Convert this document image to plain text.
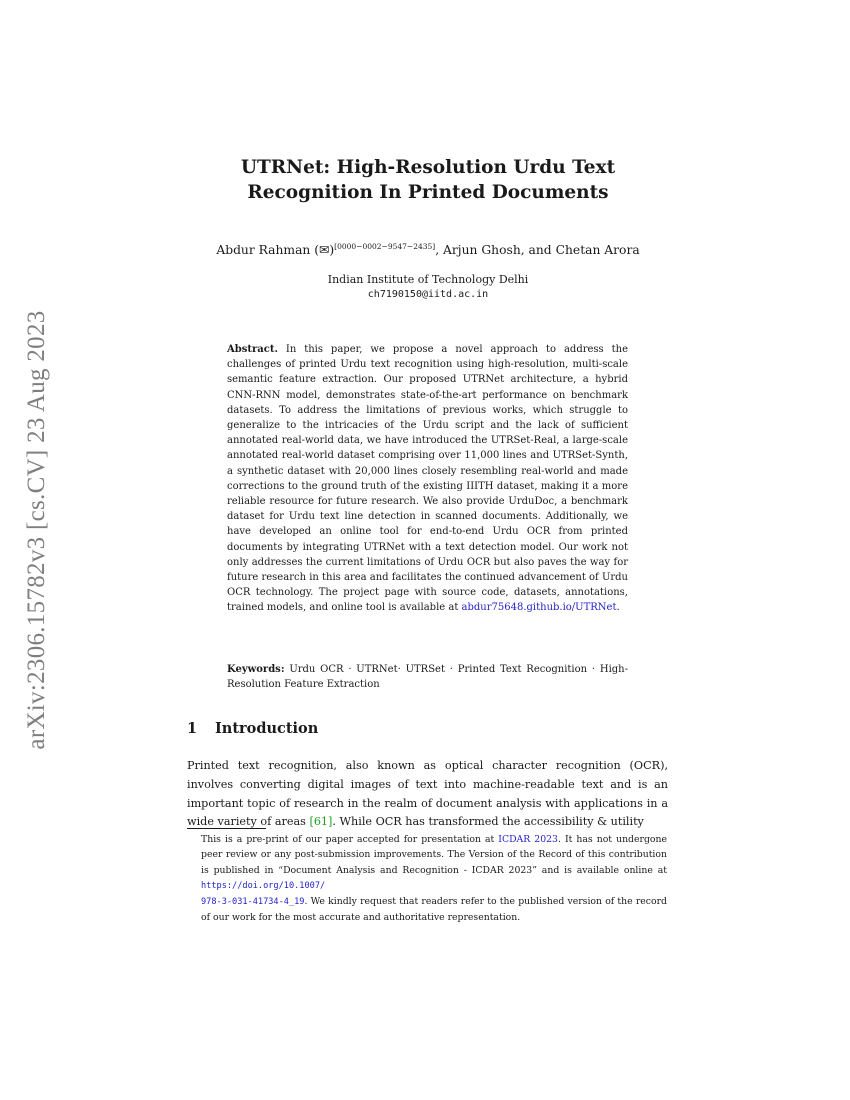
arXiv:2306.15782v3 [cs.CV] 23 Aug 2023
UTRNet: High-Resolution Urdu Text
Recognition In Printed Documents
Abdur Rahman (✉)[0000−0002−9547−2435], Arjun Ghosh, and Chetan Arora
Indian Institute of Technology Delhi
ch7190150@iitd.ac.in
Abstract. In this paper, we propose a novel approach to address the challenges of printed Urdu text recognition using high-resolution, multi-scale semantic feature extraction. Our proposed UTRNet architecture, a hybrid CNN-RNN model, demonstrates state-of-the-art performance on benchmark datasets. To address the limitations of previous works, which struggle to generalize to the intricacies of the Urdu script and the lack of sufficient annotated real-world data, we have introduced the UTRSet-Real, a large-scale annotated real-world dataset comprising over 11,000 lines and UTRSet-Synth, a synthetic dataset with 20,000 lines closely resembling real-world and made corrections to the ground truth of the existing IIITH dataset, making it a more reliable resource for future research. We also provide UrduDoc, a benchmark dataset for Urdu text line detection in scanned documents. Additionally, we have developed an online tool for end-to-end Urdu OCR from printed documents by integrating UTRNet with a text detection model. Our work not only addresses the current limitations of Urdu OCR but also paves the way for future research in this area and facilitates the continued advancement of Urdu OCR technology. The project page with source code, datasets, annotations, trained models, and online tool is available at abdur75648.github.io/UTRNet.
Keywords: Urdu OCR · UTRNet· UTRSet · Printed Text Recognition · High-Resolution Feature Extraction
1 Introduction
Printed text recognition, also known as optical character recognition (OCR), involves converting digital images of text into machine-readable text and is an important topic of research in the realm of document analysis with applications in a wide variety of areas [61]. While OCR has transformed the accessibility & utility
This is a pre-print of our paper accepted for presentation at ICDAR 2023. It has not undergone peer review or any post-submission improvements. The Version of the Record of this contribution is published in “Document Analysis and Recognition - ICDAR 2023” and is available online at https://doi.org/10.1007/
978-3-031-41734-4_19. We kindly request that readers refer to the published version of the record of our work for the most accurate and authoritative representation.
